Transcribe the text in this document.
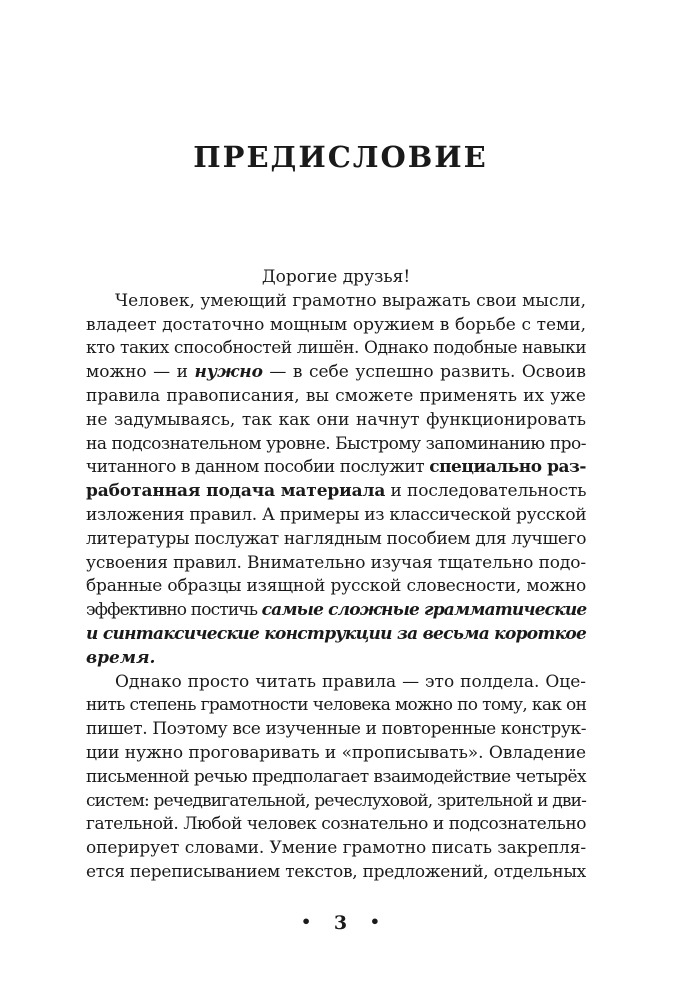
ПРЕДИСЛОВИЕ

Дорогие друзья!

Человек, умеющий грамотно выражать свои мысли,
владеет достаточно мощным оружием в борьбе с теми,
кто таких способностей лишён. Однако подобные навыки
можно — и нужно — в себе успешно развить. Освоив
правила правописания, вы сможете применять их уже
не задумываясь, так как они начнут функционировать
на подсознательном уровне. Быстрому запоминанию про-
читанного в данном пособии послужит специально раз-
работанная подача материала и последовательность
изложения правил. А примеры из классической русской
литературы послужат наглядным пособием для лучшего
усвоения правил. Внимательно изучая тщательно подо-
бранные образцы изящной русской словесности, можно
эффективно постичь самые сложные грамматические
и синтаксические конструкции за весьма короткое
время.
Однако просто читать правила — это полдела. Оце-
нить степень грамотности человека можно по тому, как он
пишет. Поэтому все изученные и повторенные конструк-
ции нужно проговаривать и «прописывать». Овладение
письменной речью предполагает взаимодействие четырёх
систем: речедвигательной, речеслуховой, зрительной и дви-
гательной. Любой человек сознательно и подсознательно
оперирует словами. Умение грамотно писать закрепля-
ется переписыванием текстов, предложений, отдельных
• 3 •
